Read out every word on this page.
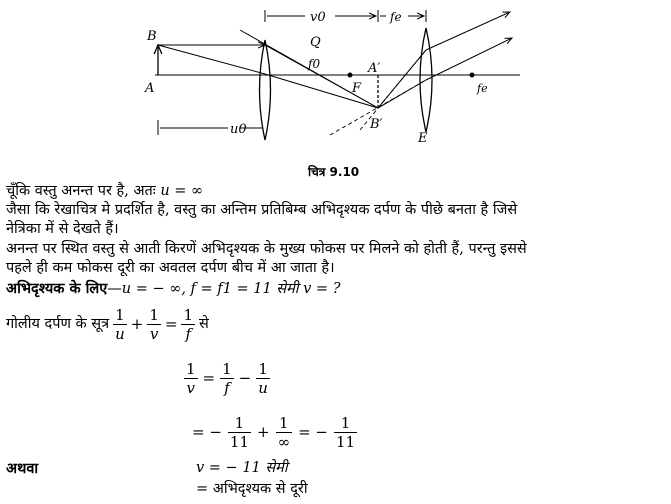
B
A
Q
f0
F
A′
B′
E
fe
v0	fe
u0
चित्र 9.10
चूँकि वस्तु अनन्त पर है, अतः u = ∞
जैसा कि रेखाचित्र मे प्रदर्शित है, वस्तु का अन्तिम प्रतिबिम्ब अभिदृश्यक दर्पण के पीछे बनता है जिसे
नेत्रिका में से देखते हैं।
अनन्त पर स्थित वस्तु से आती किरणें अभिदृश्यक के मुख्य फोकस पर मिलने को होती हैं, परन्तु इससे
पहले ही कम फोकस दूरी का अवतल दर्पण बीच में आ जाता है।
अभिदृश्यक के लिए—u = − ∞, f = f1 = 11 सेमी v = ?
गोलीय दर्पण के सूत्र $\frac{1}{u} + \frac{1}{v} = \frac{1}{f}$ से
$\frac{1}{v} = \frac{1}{f} - \frac{1}{u}$
= − $\frac{1}{11} + \frac{1}{\infty}$ = − $\frac{1}{11}$
अथवा	v = − 11 सेमी
= अभिदृश्यक से दूरी
